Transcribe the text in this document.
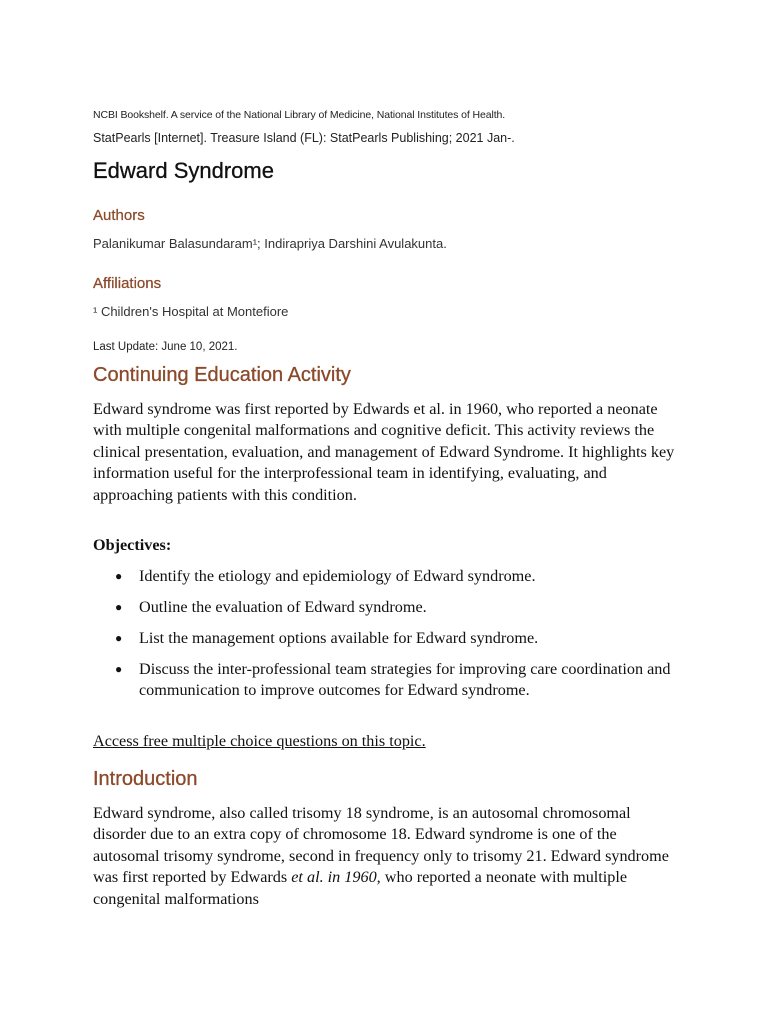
NCBI Bookshelf. A service of the National Library of Medicine, National Institutes of Health.
StatPearls [Internet]. Treasure Island (FL): StatPearls Publishing; 2021 Jan-.
Edward Syndrome
Authors
Palanikumar Balasundaram¹; Indirapriya Darshini Avulakunta.
Affiliations
¹ Children's Hospital at Montefiore
Last Update: June 10, 2021.
Continuing Education Activity

Edward syndrome was first reported by Edwards et al. in 1960, who reported a neonate with multiple congenital malformations and cognitive deficit. This activity reviews the clinical presentation, evaluation, and management of Edward Syndrome. It highlights key information useful for the interprofessional team in identifying, evaluating, and approaching patients with this condition.

Objectives:
● Identify the etiology and epidemiology of Edward syndrome.
● Outline the evaluation of Edward syndrome.
● List the management options available for Edward syndrome.
● Discuss the inter-professional team strategies for improving care coordination and communication to improve outcomes for Edward syndrome.
Access free multiple choice questions on this topic.
Introduction

Edward syndrome, also called trisomy 18 syndrome, is an autosomal chromosomal disorder due to an extra copy of chromosome 18. Edward syndrome is one of the autosomal trisomy syndrome, second in frequency only to trisomy 21. Edward syndrome was first reported by Edwards et al. in 1960, who reported a neonate with multiple congenital malformations
